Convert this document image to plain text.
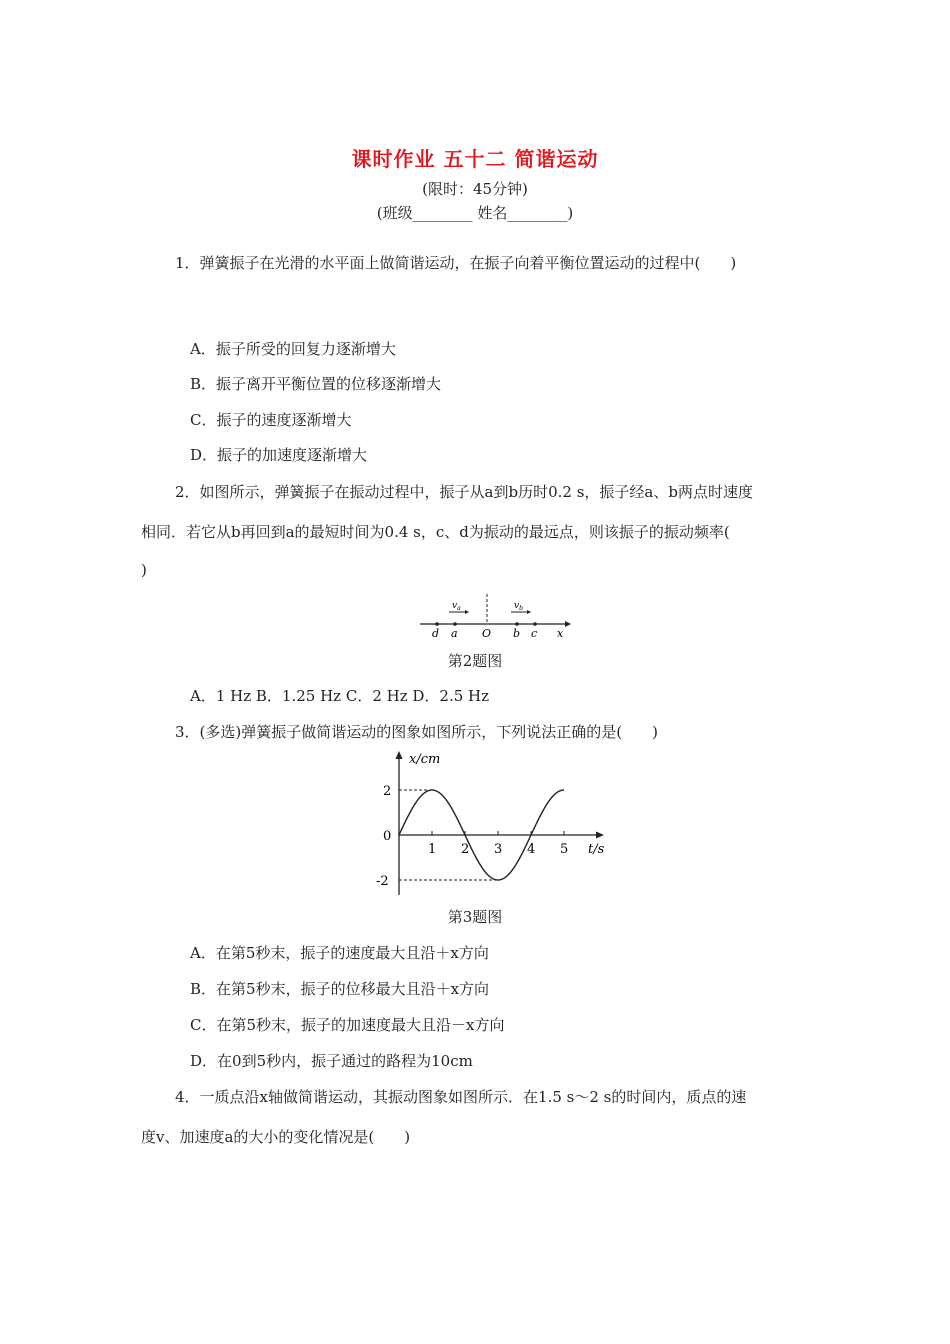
课时作业 五十二 简谐运动
(限时：45分钟)
(班级________ 姓名________)
1．弹簧振子在光滑的水平面上做简谐运动，在振子向着平衡位置运动的过程中(　　)
A．振子所受的回复力逐渐增大
B．振子离开平衡位置的位移逐渐增大
C．振子的速度逐渐增大
D．振子的加速度逐渐增大
2．如图所示，弹簧振子在振动过程中，振子从a到b历时0.2 s，振子经a、b两点时速度
相同．若它从b再回到a的最短时间为0.4 s，c、d为振动的最远点，则该振子的振动频率(
)
$v_a$	$v_b$
d a O b c x
第2题图
A．1 Hz B．1.25 Hz C．2 Hz D．2.5 Hz
3．(多选)弹簧振子做简谐运动的图象如图所示，下列说法正确的是(　　)
x/cm
t/s
1 2 3 4 5
2
0
-2
第3题图
A．在第5秒末，振子的速度最大且沿＋x方向
B．在第5秒末，振子的位移最大且沿＋x方向
C．在第5秒末，振子的加速度最大且沿－x方向
D．在0到5秒内，振子通过的路程为10cm
4．一质点沿x轴做简谐运动，其振动图象如图所示．在1.5 s～2 s的时间内，质点的速
度v、加速度a的大小的变化情况是(　　)
